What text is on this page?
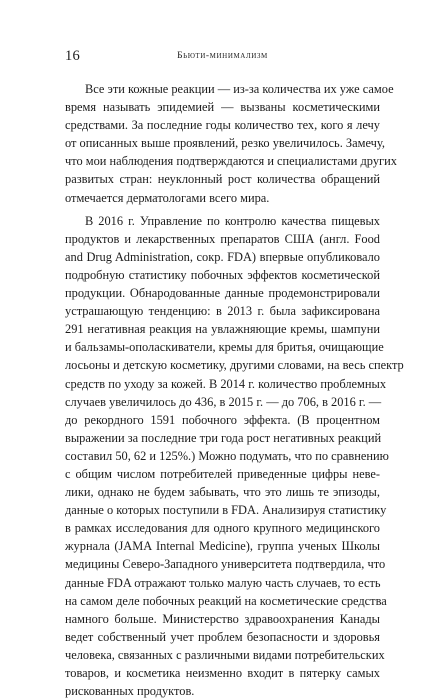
16	Бьюти-минимализм
Все эти кожные реакции — из-за количества их уже самое
время называть эпидемией — вызваны косметическими
средствами. За последние годы количество тех, кого я лечу
от описанных выше проявлений, резко увеличилось. Замечу,
что мои наблюдения подтверждаются и специалистами других
развитых стран: неуклонный рост количества обращений
отмечается дерматологами всего мира.
В 2016 г. Управление по контролю качества пищевых
продуктов и лекарственных препаратов США (англ. Food
and Drug Administration, сокр. FDA) впервые опубликовало
подробную статистику побочных эффектов косметической
продукции. Обнародованные данные продемонстрировали
устрашающую тенденцию: в 2013 г. была зафиксирована
291 негативная реакция на увлажняющие кремы, шампуни
и бальзамы-ополаскиватели, кремы для бритья, очищающие
лосьоны и детскую косметику, другими словами, на весь спектр
средств по уходу за кожей. В 2014 г. количество проблемных
случаев увеличилось до 436, в 2015 г. — до 706, в 2016 г. —
до рекордного 1591 побочного эффекта. (В процентном
выражении за последние три года рост негативных реакций
составил 50, 62 и 125%.) Можно подумать, что по сравнению
с общим числом потребителей приведенные цифры неве-
лики, однако не будем забывать, что это лишь те эпизоды,
данные о которых поступили в FDA. Анализируя статистику
в рамках исследования для одного крупного медицинского
журнала (JAMA Internal Medicine), группа ученых Школы
медицины Северо-Западного университета подтвердила, что
данные FDA отражают только малую часть случаев, то есть
на самом деле побочных реакций на косметические средства
намного больше. Министерство здравоохранения Канады
ведет собственный учет проблем безопасности и здоровья
человека, связанных с различными видами потребительских
товаров, и косметика неизменно входит в пятерку самых
рискованных продуктов.
